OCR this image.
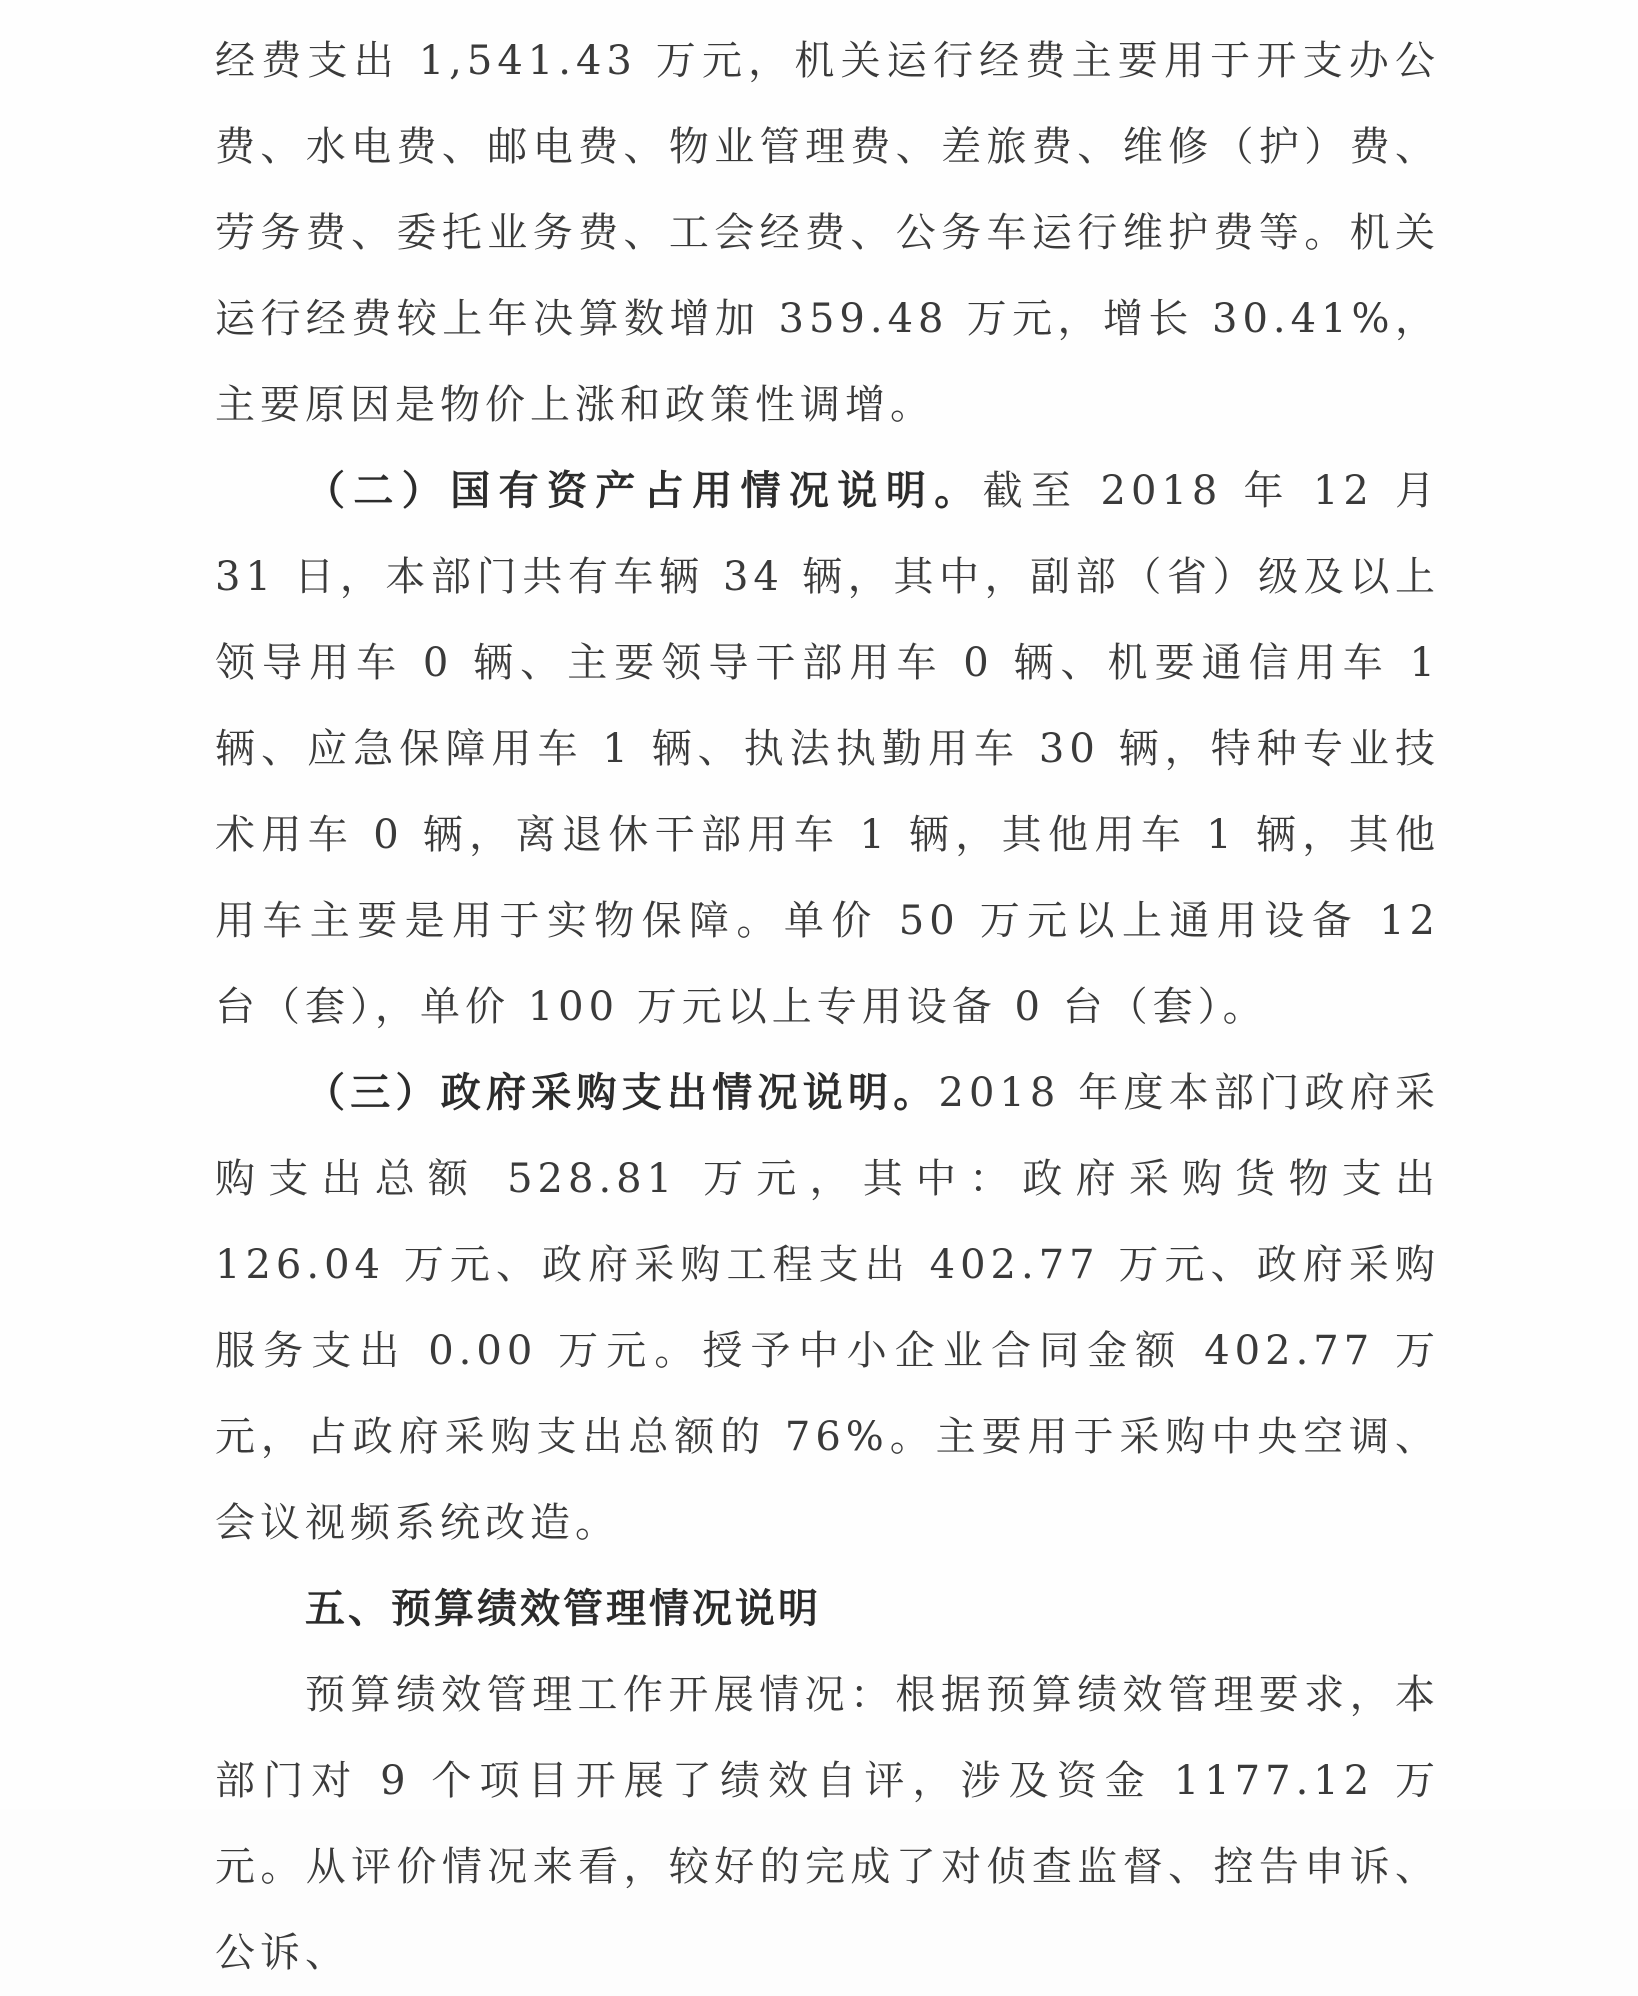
经费支出 1,541.43 万元，机关运行经费主要用于开支办公费、水电费、邮电费、物业管理费、差旅费、维修（护）费、劳务费、委托业务费、工会经费、公务车运行维护费等。机关运行经费较上年决算数增加 359.48 万元，增长 30.41%，主要原因是物价上涨和政策性调增。

（二）国有资产占用情况说明。截至 2018 年 12 月 31 日，本部门共有车辆 34 辆，其中，副部（省）级及以上领导用车 0 辆、主要领导干部用车 0 辆、机要通信用车 1 辆、应急保障用车 1 辆、执法执勤用车 30 辆，特种专业技术用车 0 辆，离退休干部用车 1 辆，其他用车 1 辆，其他用车主要是用于实物保障。单价 50 万元以上通用设备 12 台（套），单价 100 万元以上专用设备 0 台（套）。

（三）政府采购支出情况说明。2018 年度本部门政府采购支出总额 528.81 万元，其中：政府采购货物支出 126.04 万元、政府采购工程支出 402.77 万元、政府采购服务支出 0.00 万元。授予中小企业合同金额 402.77 万元，占政府采购支出总额的 76%。主要用于采购中央空调、会议视频系统改造。

五、预算绩效管理情况说明

预算绩效管理工作开展情况：根据预算绩效管理要求，本部门对 9 个项目开展了绩效自评，涉及资金 1177.12 万元。从评价情况来看，较好的完成了对侦查监督、控告申诉、公诉、
